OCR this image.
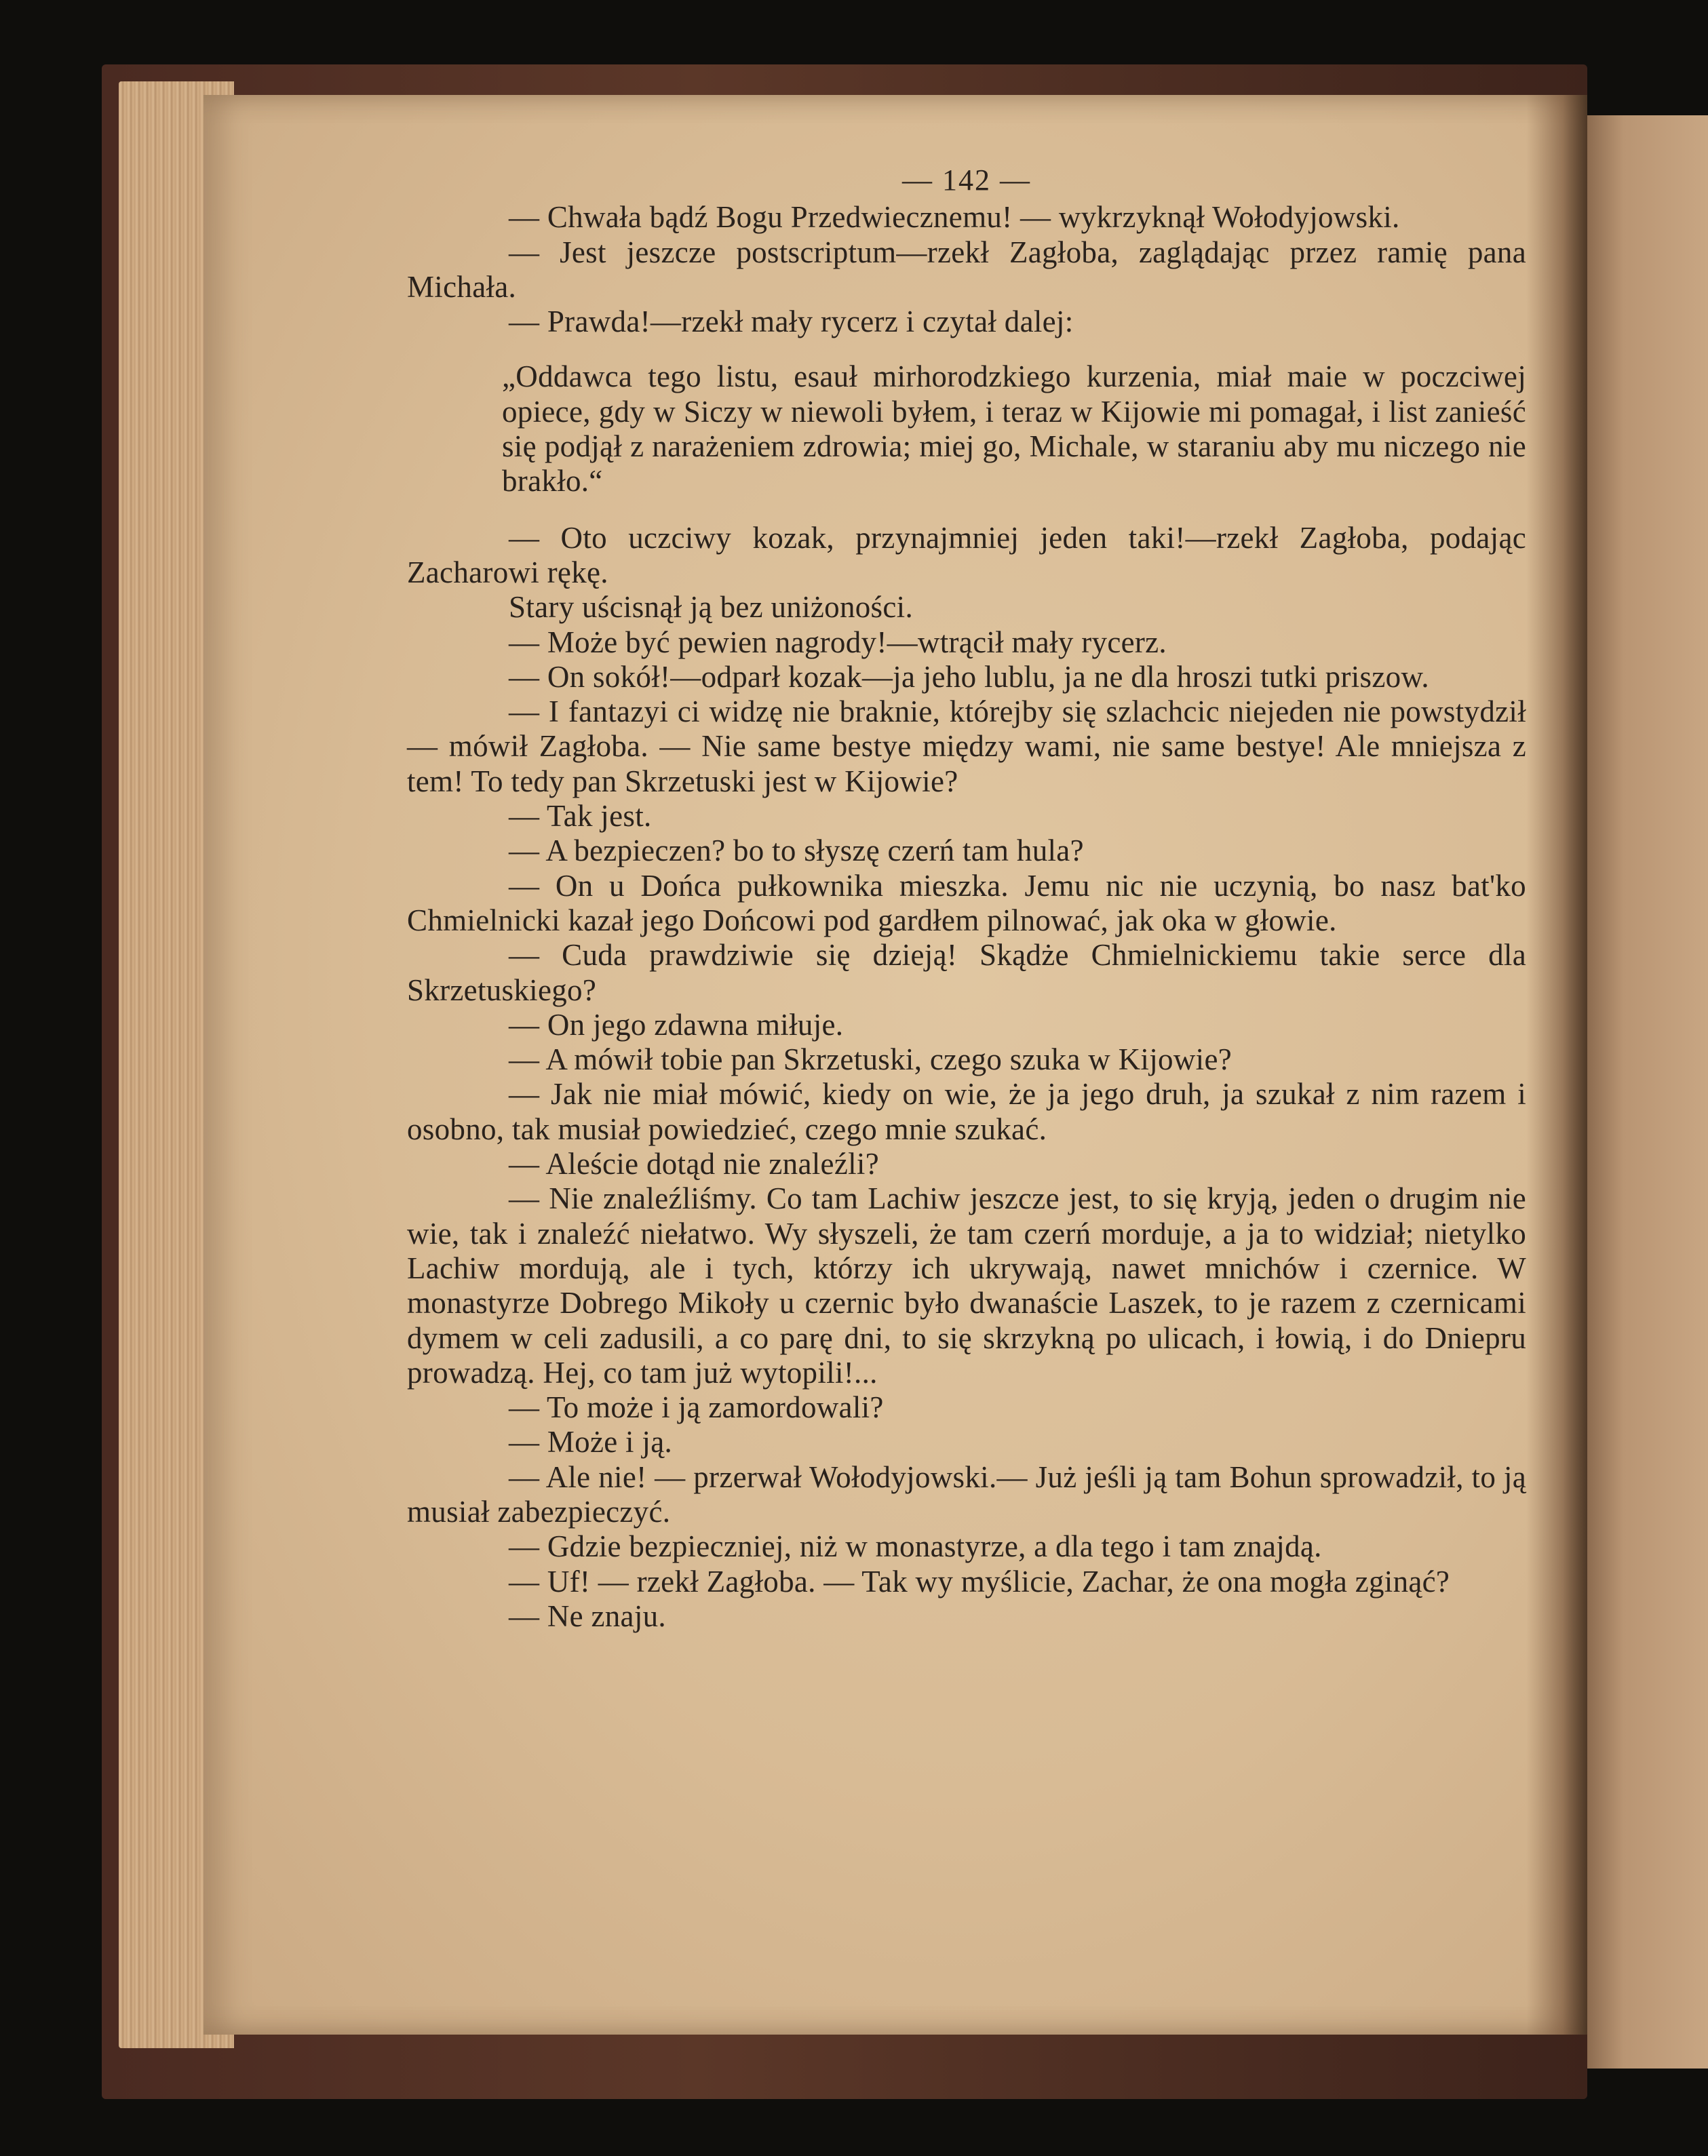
— 142 —

— Chwała bądź Bogu Przedwiecznemu! — wykrzyknął Wołodyjowski.

— Jest jeszcze postscriptum—rzekł Zagłoba, zaglądając przez ramię pana Michała.

— Prawda!—rzekł mały rycerz i czytał dalej:

„Oddawca tego listu, esauł mirhorodzkiego kurzenia, miał maie w poczciwej opiece, gdy w Siczy w niewoli byłem, i teraz w Kijowie mi pomagał, i list zanieść się podjął z narażeniem zdrowia; miej go, Michale, w staraniu aby mu niczego nie brakło.“

— Oto uczciwy kozak, przynajmniej jeden taki!—rzekł Zagłoba, podając Zacharowi rękę.

Stary uścisnął ją bez uniżoności.

— Może być pewien nagrody!—wtrącił mały rycerz.

— On sokół!—odparł kozak—ja jeho lublu, ja ne dla hroszi tutki priszow.

— I fantazyi ci widzę nie braknie, którejby się szlachcic niejeden nie powstydził — mówił Zagłoba. — Nie same bestye między wami, nie same bestye! Ale mniejsza z tem! To tedy pan Skrzetuski jest w Kijowie?

— Tak jest.

— A bezpieczen? bo to słyszę czerń tam hula?

— On u Dońca pułkownika mieszka. Jemu nic nie uczynią, bo nasz bat'ko Chmielnicki kazał jego Dońcowi pod gardłem pilnować, jak oka w głowie.

— Cuda prawdziwie się dzieją! Skądże Chmielnickiemu takie serce dla Skrzetuskiego?

— On jego zdawna miłuje.

— A mówił tobie pan Skrzetuski, czego szuka w Kijowie?

— Jak nie miał mówić, kiedy on wie, że ja jego druh, ja szukał z nim razem i osobno, tak musiał powiedzieć, czego mnie szukać.

— Aleście dotąd nie znaleźli?

— Nie znaleźliśmy. Co tam Lachiw jeszcze jest, to się kryją, jeden o drugim nie wie, tak i znaleźć niełatwo. Wy słyszeli, że tam czerń morduje, a ja to widział; nietylko Lachiw mordują, ale i tych, którzy ich ukrywają, nawet mnichów i czernice. W monastyrze Dobrego Mikoły u czernic było dwanaście Laszek, to je razem z czernicami dymem w celi zadusili, a co parę dni, to się skrzykną po ulicach, i łowią, i do Dniepru prowadzą. Hej, co tam już wytopili!...

— To może i ją zamordowali?

— Może i ją.

— Ale nie! — przerwał Wołodyjowski.— Już jeśli ją tam Bohun sprowadził, to ją musiał zabezpieczyć.

— Gdzie bezpieczniej, niż w monastyrze, a dla tego i tam znajdą.

— Uf! — rzekł Zagłoba. — Tak wy myślicie, Zachar, że ona mogła zginąć?

— Ne znaju.
